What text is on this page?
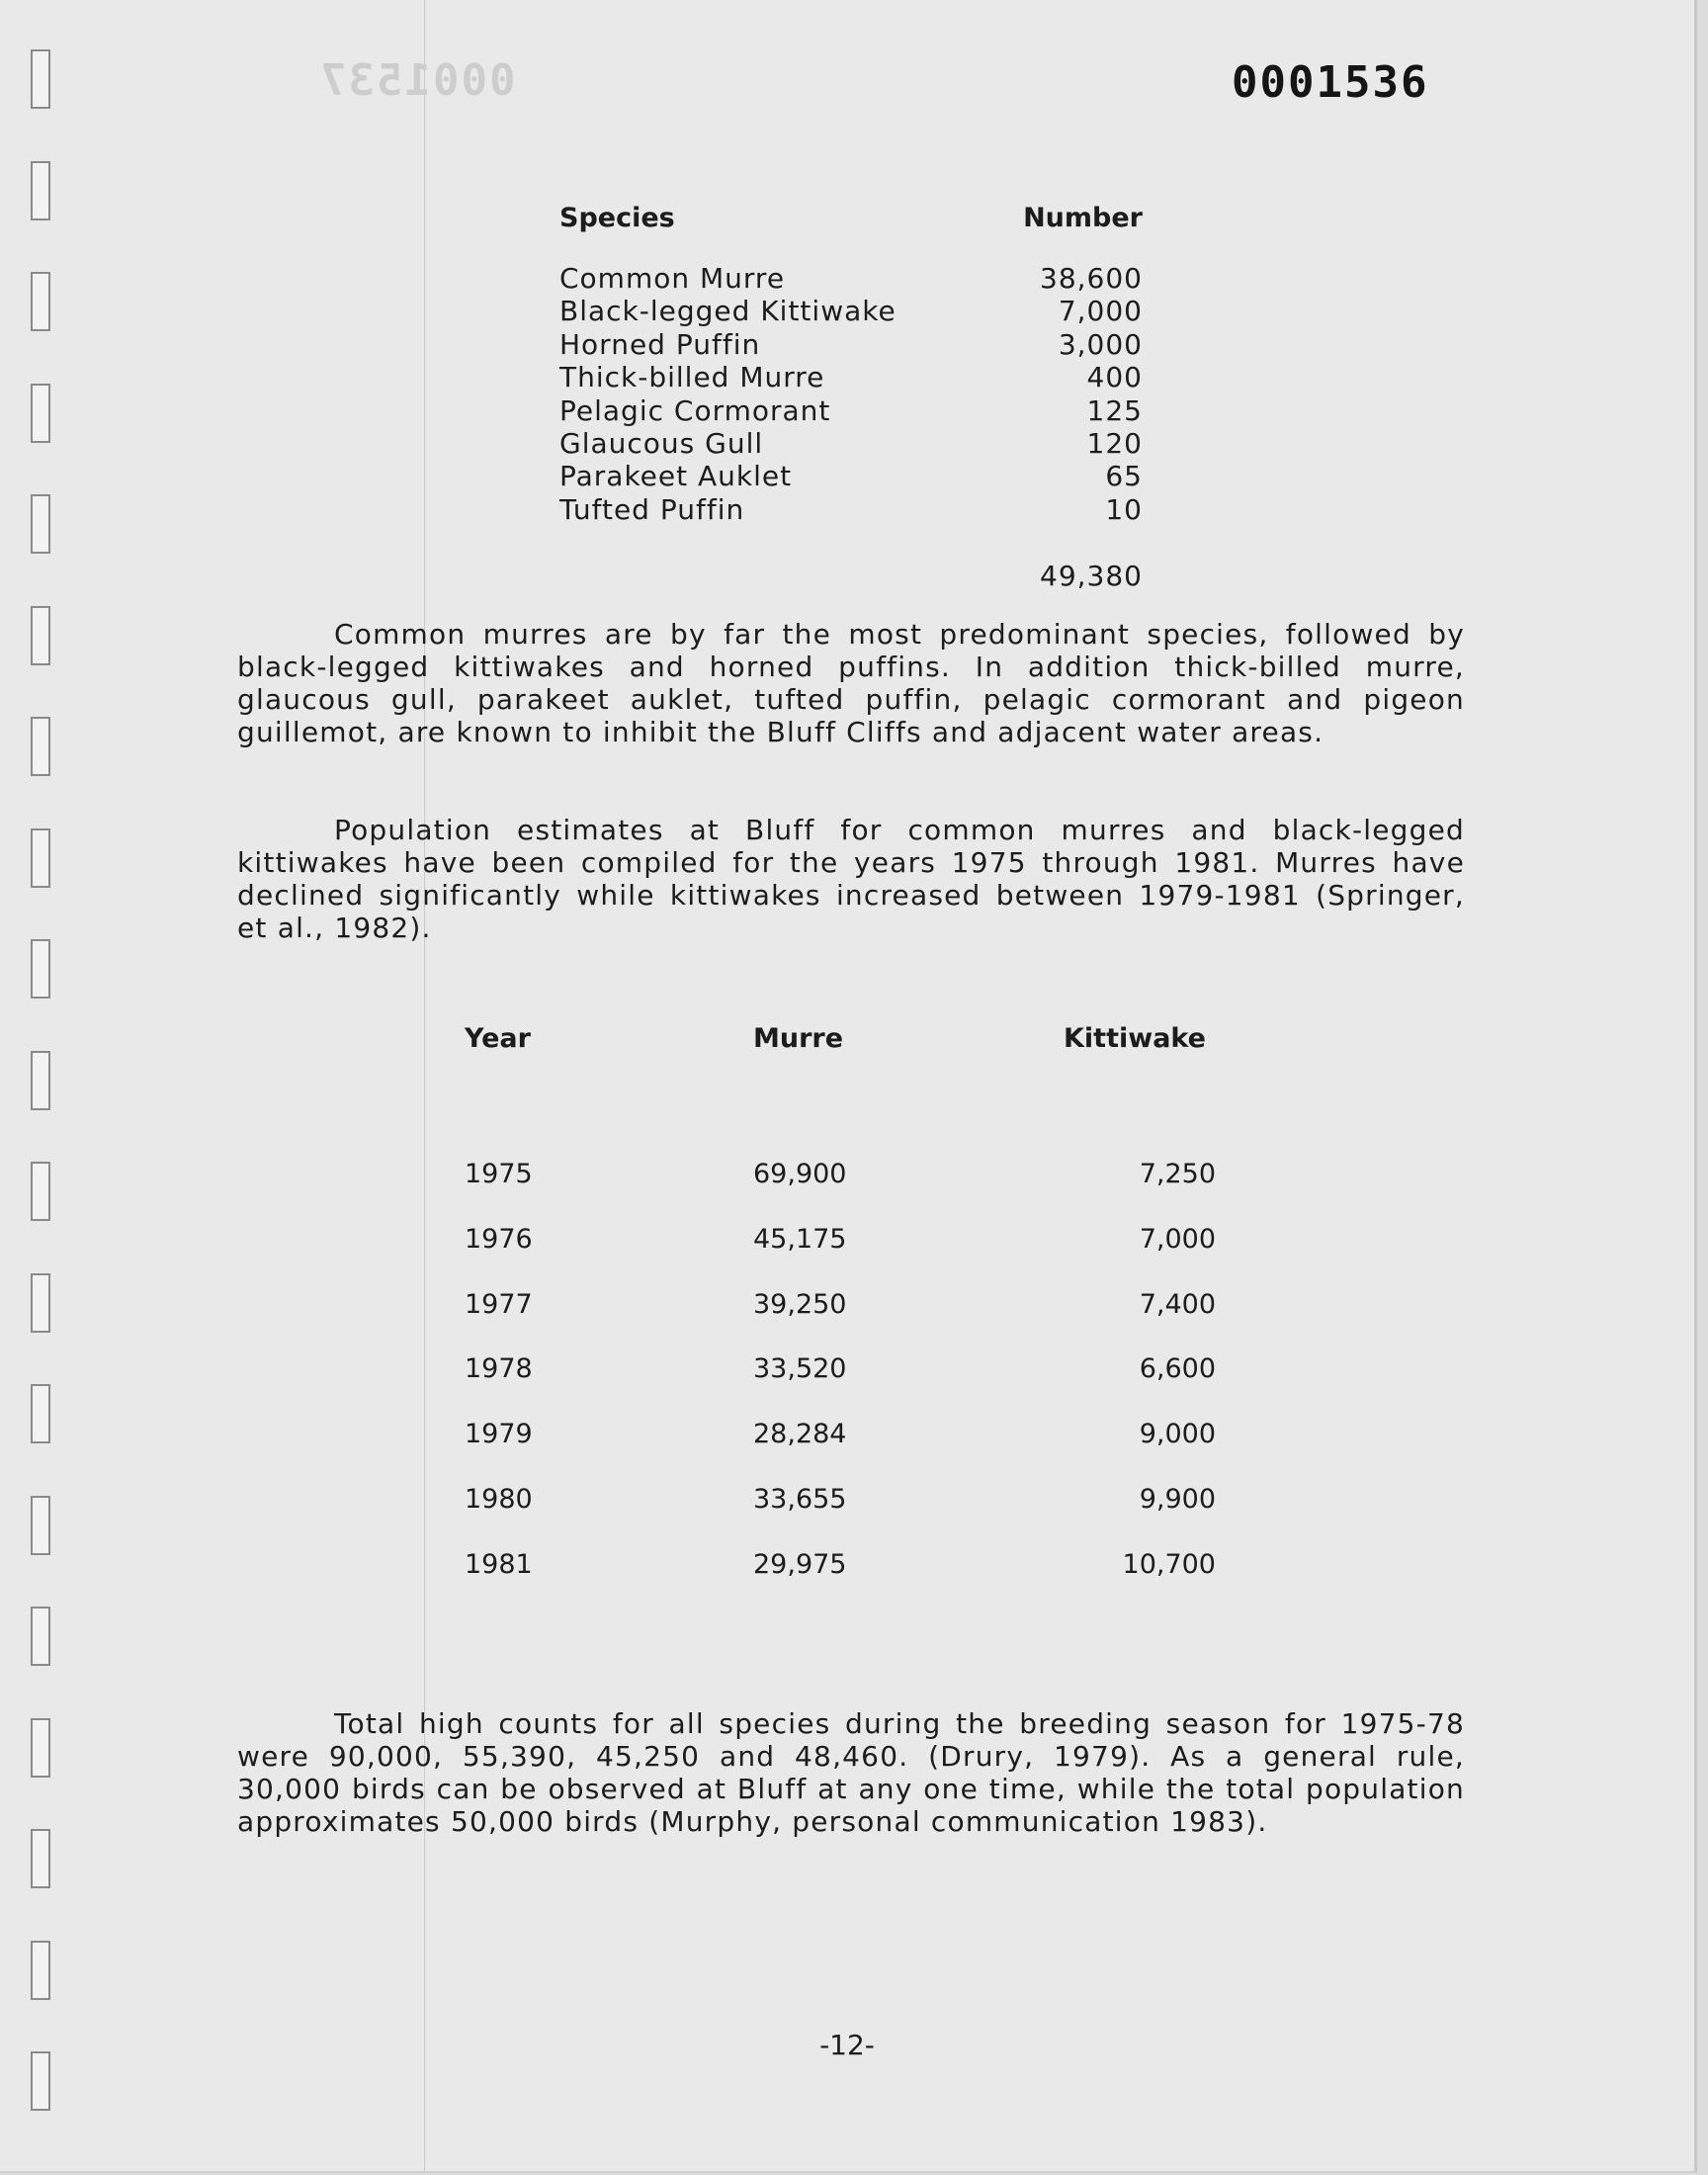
0001537	0001536
Species	Number
Common Murre	38,600
Black-legged Kittiwake	7,000
Horned Puffin	3,000
Thick-billed Murre	400
Pelagic Cormorant	125
Glaucous Gull	120
Parakeet Auklet	65
Tufted Puffin	10
49,380

Common murres are by far the most predominant species, followed by black-legged kittiwakes and horned puffins. In addition thick-billed murre, glaucous gull, parakeet auklet, tufted puffin, pelagic cormorant and pigeon guillemot, are known to inhibit the Bluff Cliffs and adjacent water areas.

Population estimates at Bluff for common murres and black-legged kittiwakes have been compiled for the years 1975 through 1981. Murres have declined significantly while kittiwakes increased between 1979-1981 (Springer, et al., 1982).

Year	Murre	Kittiwake
1975	69,900	7,250
1976	45,175	7,000
1977	39,250	7,400
1978	33,520	6,600
1979	28,284	9,000
1980	33,655	9,900
1981	29,975	10,700

Total high counts for all species during the breeding season for 1975-78 were 90,000, 55,390, 45,250 and 48,460. (Drury, 1979). As a general rule, 30,000 birds can be observed at Bluff at any one time, while the total population approximates 50,000 birds (Murphy, personal communication 1983).

-12-
